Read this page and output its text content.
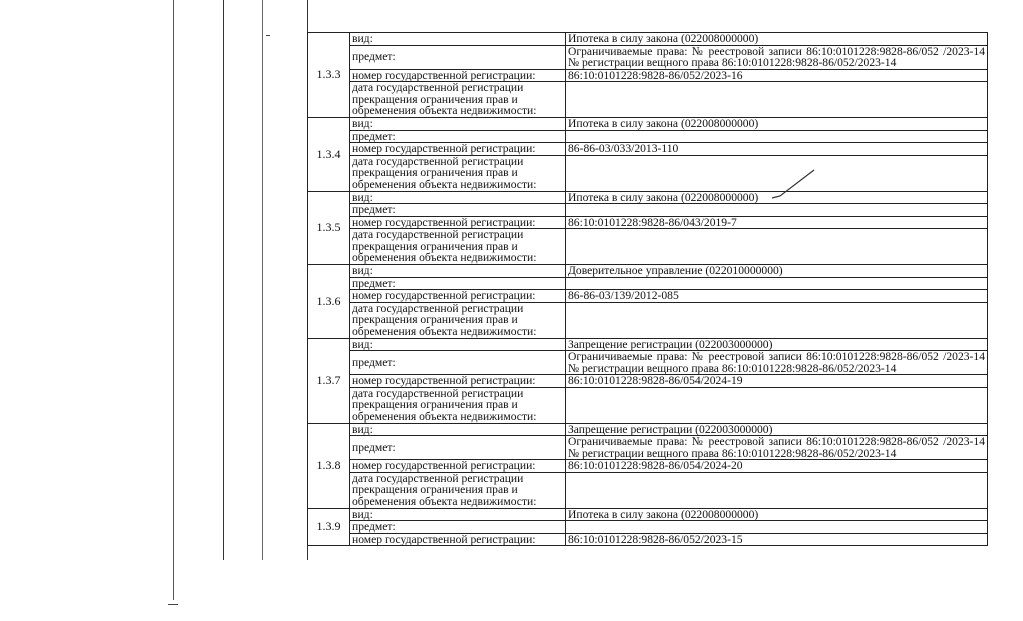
1.3.3	вид:	Ипотека в силу закона (022008000000)
	предмет:	Ограничиваемые права: № реестровой записи 86:10:0101228:9828-86/052 /2023-14 № регистрации вещного права 86:10:0101228:9828-86/052/2023-14
	номер государственной регистрации:	86:10:0101228:9828-86/052/2023-16
	дата государственной регистрации прекращения ограничения прав и обременения объекта недвижимости:	
1.3.4	вид:	Ипотека в силу закона (022008000000)
	предмет:	
	номер государственной регистрации:	86-86-03/033/2013-110
	дата государственной регистрации прекращения ограничения прав и обременения объекта недвижимости:	
1.3.5	вид:	Ипотека в силу закона (022008000000)
	предмет:	
	номер государственной регистрации:	86:10:0101228:9828-86/043/2019-7
	дата государственной регистрации прекращения ограничения прав и обременения объекта недвижимости:	
1.3.6	вид:	Доверительное управление (022010000000)
	предмет:	
	номер государственной регистрации:	86-86-03/139/2012-085
	дата государственной регистрации прекращения ограничения прав и обременения объекта недвижимости:	
1.3.7	вид:	Запрещение регистрации (022003000000)
	предмет:	Ограничиваемые права: № реестровой записи 86:10:0101228:9828-86/052 /2023-14 № регистрации вещного права 86:10:0101228:9828-86/052/2023-14
	номер государственной регистрации:	86:10:0101228:9828-86/054/2024-19
	дата государственной регистрации прекращения ограничения прав и обременения объекта недвижимости:	
1.3.8	вид:	Запрещение регистрации (022003000000)
	предмет:	Ограничиваемые права: № реестровой записи 86:10:0101228:9828-86/052 /2023-14 № регистрации вещного права 86:10:0101228:9828-86/052/2023-14
	номер государственной регистрации:	86:10:0101228:9828-86/054/2024-20
	дата государственной регистрации прекращения ограничения прав и обременения объекта недвижимости:	
1.3.9	вид:	Ипотека в силу закона (022008000000)
	предмет:	
	номер государственной регистрации:	86:10:0101228:9828-86/052/2023-15
